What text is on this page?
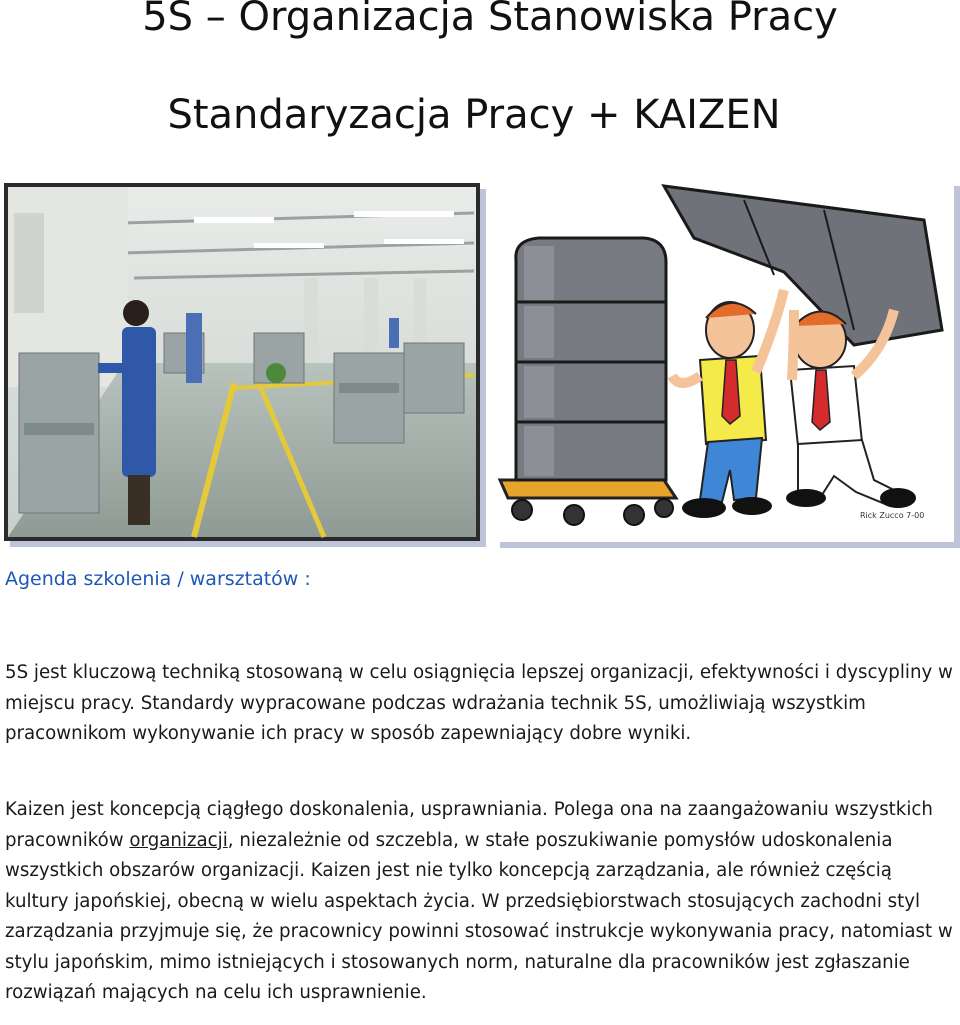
5S – Organizacja Stanowiska Pracy
Standaryzacja Pracy + KAIZEN
Rick Zucco 7-00
Agenda szkolenia / warsztatów :

5S jest kluczową techniką stosowaną w celu osiągnięcia lepszej organizacji, efektywności i dyscypliny w miejscu pracy. Standardy wypracowane podczas wdrażania technik 5S, umożliwiają wszystkim pracownikom wykonywanie ich pracy w sposób zapewniający dobre wyniki.

Kaizen jest koncepcją ciągłego doskonalenia, usprawniania. Polega ona na zaangażowaniu wszystkich pracowników organizacji, niezależnie od szczebla, w stałe poszukiwanie pomysłów udoskonalenia wszystkich obszarów organizacji. Kaizen jest nie tylko koncepcją zarządzania, ale również częścią kultury japońskiej, obecną w wielu aspektach życia. W przedsiębiorstwach stosujących zachodni styl zarządzania przyjmuje się, że pracownicy powinni stosować instrukcje wykonywania pracy, natomiast w stylu japońskim, mimo istniejących i stosowanych norm, naturalne dla pracowników jest zgłaszanie rozwiązań mających na celu ich usprawnienie.
